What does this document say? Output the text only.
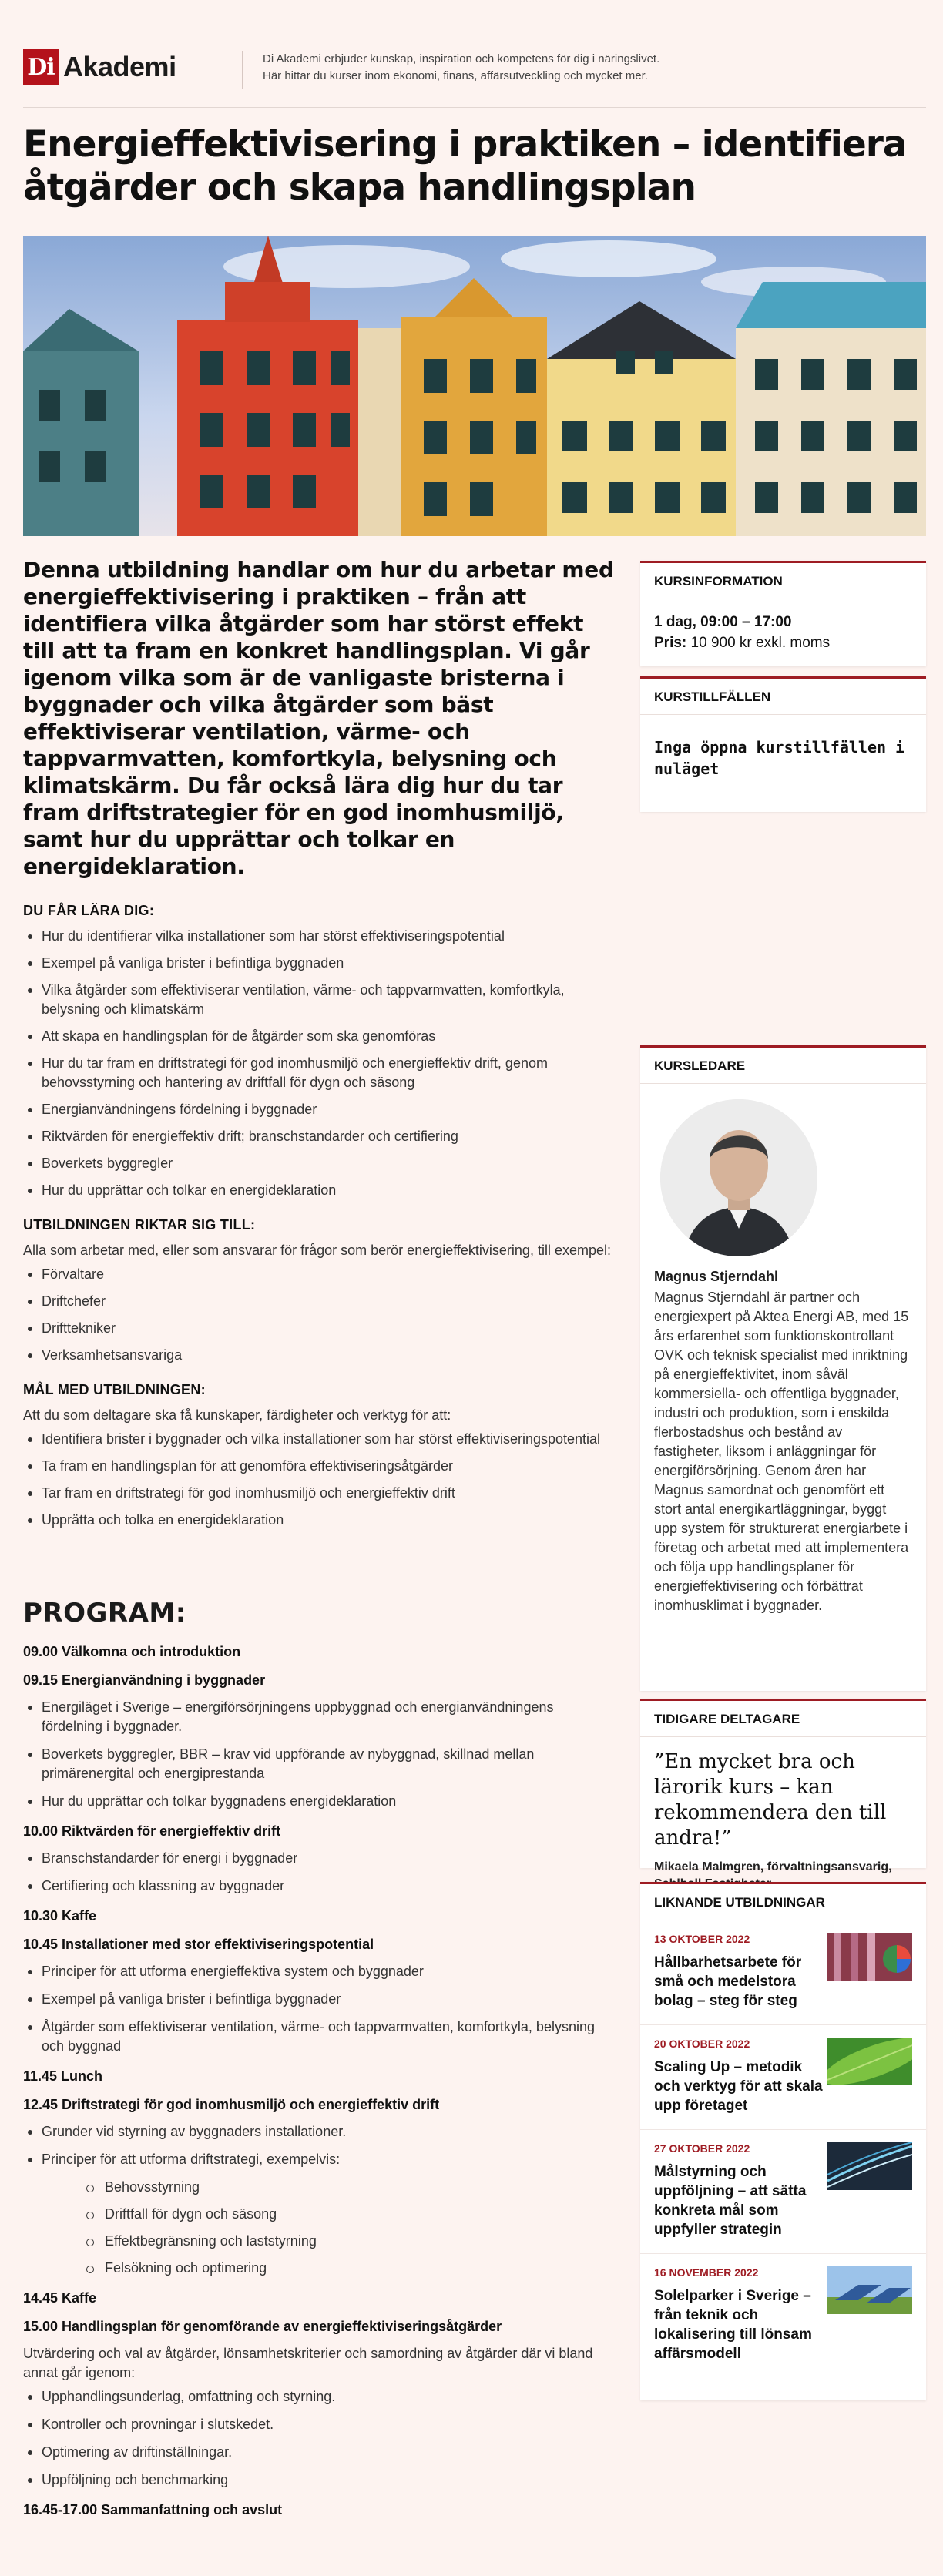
Di Akademi	Di Akademi erbjuder kunskap, inspiration och kompetens för dig i näringslivet.
Här hittar du kurser inom ekonomi, finans, affärsutveckling och mycket mer.
Energieffektivisering i praktiken – identifiera åtgärder och skapa handlingsplan

Denna utbildning handlar om hur du arbetar med energieffektivisering i praktiken – från att identifiera vilka åtgärder som har störst effekt till att ta fram en konkret handlingsplan. Vi går igenom vilka som är de vanligaste bristerna i byggnader och vilka åtgärder som bäst effektiviserar ventilation, värme- och tappvarmvatten, komfortkyla, belysning och klimatskärm. Du får också lära dig hur du tar fram driftstrategier för en god inomhusmiljö, samt hur du upprättar och tolkar en energideklaration.

DU FÅR LÄRA DIG:
Hur du identifierar vilka installationer som har störst effektiviseringspotential
Exempel på vanliga brister i befintliga byggnaden
Vilka åtgärder som effektiviserar ventilation, värme- och tappvarmvatten, komfortkyla, belysning och klimatskärm
Att skapa en handlingsplan för de åtgärder som ska genomföras
Hur du tar fram en driftstrategi för god inomhusmiljö och energieffektiv drift, genom behovsstyrning och hantering av driftfall för dygn och säsong
Energianvändningens fördelning i byggnader
Riktvärden för energieffektiv drift; branschstandarder och certifiering
Boverkets byggregler
Hur du upprättar och tolkar en energideklaration
UTBILDNINGEN RIKTAR SIG TILL:

Alla som arbetar med, eller som ansvarar för frågor som berör energieffektivisering, till exempel:

Förvaltare
Driftchefer
Drifttekniker
Verksamhetsansvariga
MÅL MED UTBILDNINGEN:

Att du som deltagare ska få kunskaper, färdigheter och verktyg för att:

Identifiera brister i byggnader och vilka installationer som har störst effektiviseringspotential
Ta fram en handlingsplan för att genomföra effektiviseringsåtgärder
Tar fram en driftstrategi för god inomhusmiljö och energieffektiv drift
Upprätta och tolka en energideklaration
PROGRAM:
09.00 Välkomna och introduktion
09.15 Energianvändning i byggnader
Energiläget i Sverige – energiförsörjningens uppbyggnad och energianvändningens fördelning i byggnader.
Boverkets byggregler, BBR – krav vid uppförande av nybyggnad, skillnad mellan primärenergital och energiprestanda
Hur du upprättar och tolkar byggnadens energideklaration
10.00 Riktvärden för energieffektiv drift
Branschstandarder för energi i byggnader
Certifiering och klassning av byggnader
10.30 Kaffe
10.45 Installationer med stor effektiviseringspotential
Principer för att utforma energieffektiva system och byggnader
Exempel på vanliga brister i befintliga byggnader
Åtgärder som effektiviserar ventilation, värme- och tappvarmvatten, komfortkyla, belysning och byggnad
11.45 Lunch
12.45 Driftstrategi för god inomhusmiljö och energieffektiv drift
Grunder vid styrning av byggnaders installationer.
Principer för att utforma driftstrategi, exempelvis:
Behovsstyrning
Driftfall för dygn och säsong
Effektbegränsning och laststyrning
Felsökning och optimering
14.45 Kaffe
15.00 Handlingsplan för genomförande av energieffektiviseringsåtgärder

Utvärdering och val av åtgärder, lönsamhetskriterier och samordning av åtgärder där vi bland annat går igenom:

Upphandlingsunderlag, omfattning och styrning.
Kontroller och provningar i slutskedet.
Optimering av driftinställningar.
Uppföljning och benchmarking
16.45-17.00 Sammanfattning och avslut
KURSINFORMATION
1 dag, 09:00 – 17:00
Pris: 10 900 kr exkl. moms
KURSTILLFÄLLEN
Inga öppna kurstillfällen i nuläget
KURSLEDARE
Magnus Stjerndahl

Magnus Stjerndahl är partner och energiexpert på Aktea Energi AB, med 15 års erfarenhet som funktionskontrollant OVK och teknisk specialist med inriktning på energieffektivitet, inom såväl kommersiella- och offentliga byggnader, industri och produktion, som i enskilda flerbostadshus och bestånd av fastigheter, liksom i anläggningar för energiförsörjning. Genom åren har Magnus samordnat och genomfört ett stort antal energikartläggningar, byggt upp system för strukturerat energiarbete i företag och arbetat med att implementera och följa upp handlingsplaner för energieffektivisering och förbättrat inomhusklimat i byggnader.

TIDIGARE DELTAGARE

”En mycket bra och lärorik kurs – kan rekommendera den till andra!”

Mikaela Malmgren, förvaltningsansvarig,

LIKNANDE UTBILDNINGAR
13 OKTOBER 2022
Hållbarhetsarbete för små och medelstora bolag – steg för steg
20 OKTOBER 2022
Scaling Up – metodik och verktyg för att skala upp företaget
27 OKTOBER 2022
Målstyrning och uppföljning – att sätta konkreta mål som uppfyller strategin
16 NOVEMBER 2022
Solelparker i Sverige – från teknik och lokalisering till lönsam affärsmodell
